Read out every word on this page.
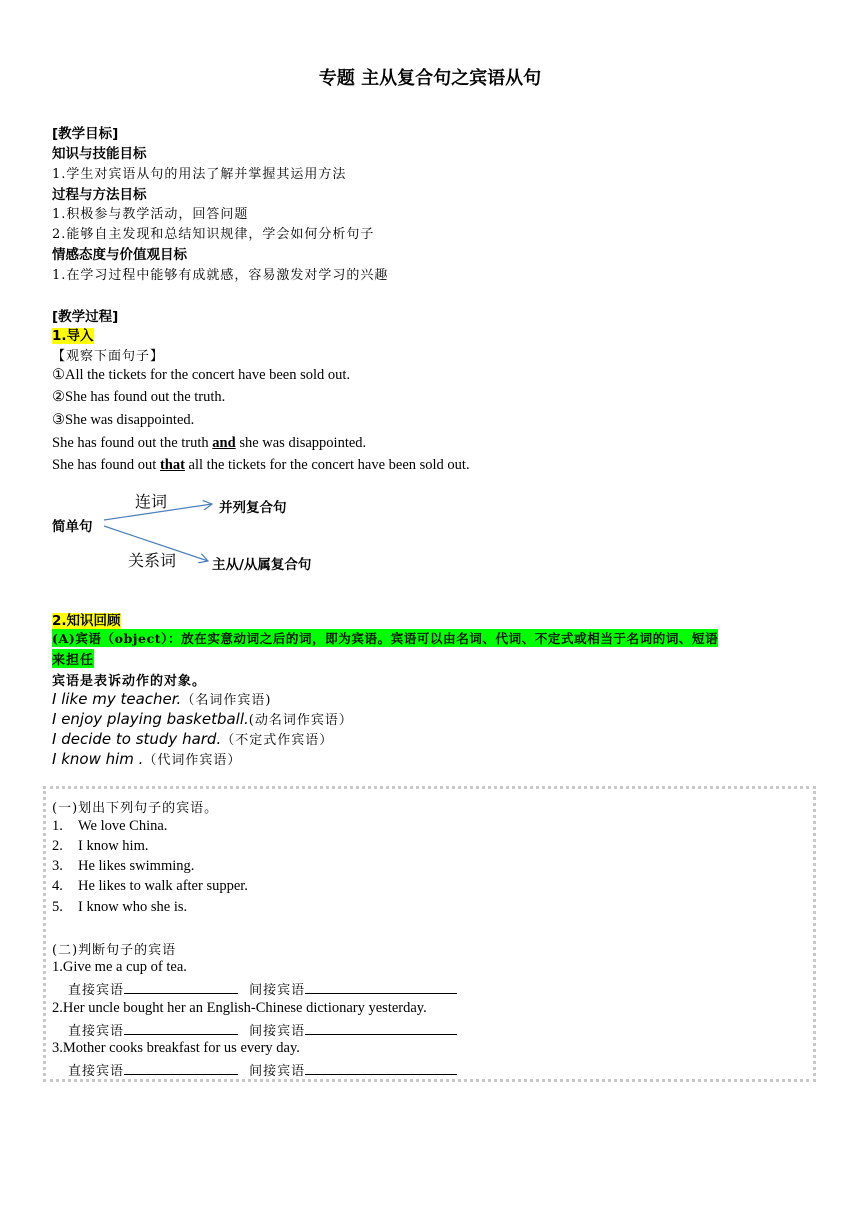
专题 主从复合句之宾语从句
[教学目标]
知识与技能目标
1.学生对宾语从句的用法了解并掌握其运用方法
过程与方法目标
1.积极参与教学活动，回答问题
2.能够自主发现和总结知识规律，学会如何分析句子
情感态度与价值观目标
1.在学习过程中能够有成就感，容易激发对学习的兴趣
[教学过程]
1.导入
【观察下面句子】
①All the tickets for the concert have been sold out.
②She has found out the truth.
③She was disappointed.
She has found out the truth and she was disappointed.
She has found out that all the tickets for the concert have been sold out.
简单句
连词	并列复合句
关系词	主从/从属复合句
2.知识回顾
(A)宾语（object）：放在实意动词之后的词，即为宾语。宾语可以由名词、代词、不定式或相当于名词的词、短语
来担任
宾语是表诉动作的对象。
I like my teacher.（名词作宾语)
I enjoy playing basketball.(动名词作宾语）
I decide to study hard.（不定式作宾语）
I know him .（代词作宾语）
(一)划出下列句子的宾语。
1. We love China.
2. I know him.
3. He likes swimming.
4. He likes to walk after supper.
5. I know who she is.
(二)判断句子的宾语
1.Give me a cup of tea.
直接宾语	间接宾语
2.Her uncle bought her an English-Chinese dictionary yesterday.
直接宾语	间接宾语
3.Mother cooks breakfast for us every day.
直接宾语	间接宾语
